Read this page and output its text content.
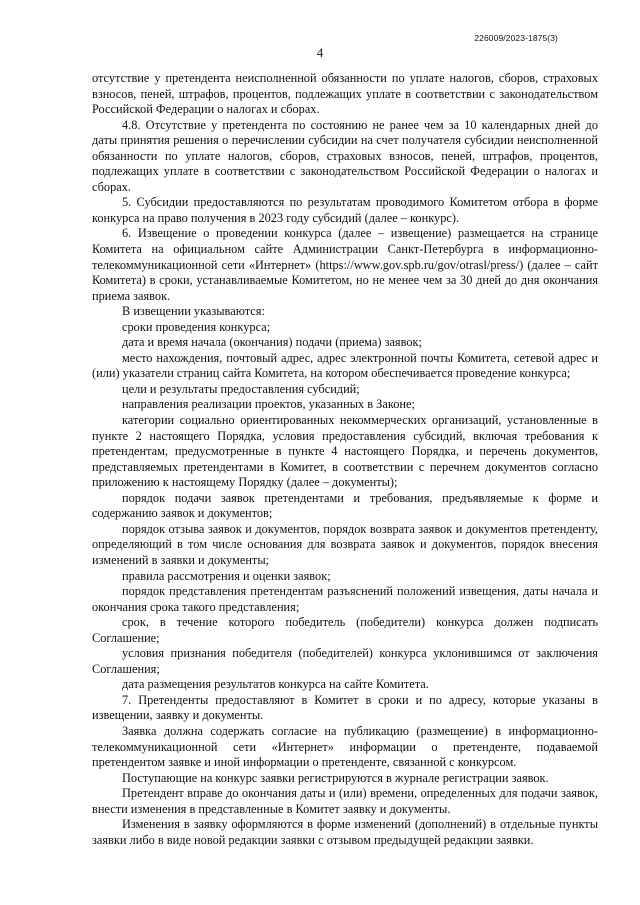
226009/2023-1875(3)
4

отсутствие у претендента неисполненной обязанности по уплате налогов, сборов, страховых взносов, пеней, штрафов, процентов, подлежащих уплате в соответствии с законодательством Российской Федерации о налогах и сборах.

4.8. Отсутствие у претендента по состоянию не ранее чем за 10 календарных дней до даты принятия решения о перечислении субсидии на счет получателя субсидии неисполненной обязанности по уплате налогов, сборов, страховых взносов, пеней, штрафов, процентов, подлежащих уплате в соответствии с законодательством Российской Федерации о налогах и сборах.

5. Субсидии предоставляются по результатам проводимого Комитетом отбора в форме конкурса на право получения в 2023 году субсидий (далее – конкурс).

6. Извещение о проведении конкурса (далее – извещение) размещается на странице Комитета на официальном сайте Администрации Санкт-Петербурга в информационно-телекоммуникационной сети «Интернет» (https://www.gov.spb.ru/gov/otrasl/press/) (далее – сайт Комитета) в сроки, устанавливаемые Комитетом, но не менее чем за 30 дней до дня окончания приема заявок.

В извещении указываются:

сроки проведения конкурса;

дата и время начала (окончания) подачи (приема) заявок;

место нахождения, почтовый адрес, адрес электронной почты Комитета, сетевой адрес и (или) указатели страниц сайта Комитета, на котором обеспечивается проведение конкурса;

цели и результаты предоставления субсидий;

направления реализации проектов, указанных в Законе;

категории социально ориентированных некоммерческих организаций, установленные в пункте 2 настоящего Порядка, условия предоставления субсидий, включая требования к претендентам, предусмотренные в пункте 4 настоящего Порядка, и перечень документов, представляемых претендентами в Комитет, в соответствии с перечнем документов согласно приложению к настоящему Порядку (далее – документы);

порядок подачи заявок претендентами и требования, предъявляемые к форме и содержанию заявок и документов;

порядок отзыва заявок и документов, порядок возврата заявок и документов претенденту, определяющий в том числе основания для возврата заявок и документов, порядок внесения изменений в заявки и документы;

правила рассмотрения и оценки заявок;

порядок представления претендентам разъяснений положений извещения, даты начала и окончания срока такого представления;

срок, в течение которого победитель (победители) конкурса должен подписать Соглашение;

условия признания победителя (победителей) конкурса уклонившимся от заключения Соглашения;

дата размещения результатов конкурса на сайте Комитета.

7. Претенденты предоставляют в Комитет в сроки и по адресу, которые указаны в извещении, заявку и документы.

Заявка должна содержать согласие на публикацию (размещение) в информационно-телекоммуникационной сети «Интернет» информации о претенденте, подаваемой претендентом заявке и иной информации о претенденте, связанной с конкурсом.

Поступающие на конкурс заявки регистрируются в журнале регистрации заявок.

Претендент вправе до окончания даты и (или) времени, определенных для подачи заявок, внести изменения в представленные в Комитет заявку и документы.

Изменения в заявку оформляются в форме изменений (дополнений) в отдельные пункты заявки либо в виде новой редакции заявки с отзывом предыдущей редакции заявки.
